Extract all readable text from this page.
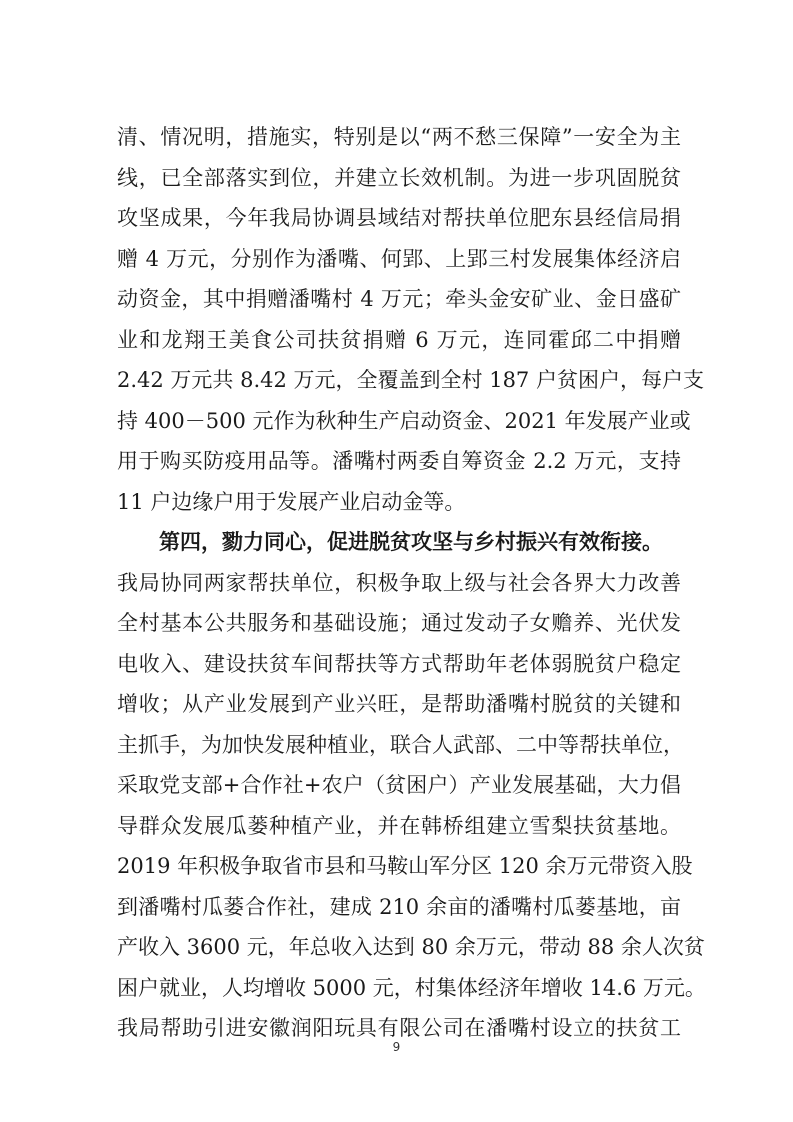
清、情况明，措施实，特别是以“两不愁三保障”一安全为主
线，已全部落实到位，并建立长效机制。为进一步巩固脱贫
攻坚成果，今年我局协调县域结对帮扶单位肥东县经信局捐
赠 4 万元，分别作为潘嘴、何郢、上郢三村发展集体经济启
动资金，其中捐赠潘嘴村 4 万元；牵头金安矿业、金日盛矿
业和龙翔王美食公司扶贫捐赠 6 万元，连同霍邱二中捐赠
2.42 万元共 8.42 万元，全覆盖到全村 187 户贫困户，每户支
持 400－500 元作为秋种生产启动资金、2021 年发展产业或
用于购买防疫用品等。潘嘴村两委自筹资金 2.2 万元，支持
11 户边缘户用于发展产业启动金等。
第四，勠力同心，促进脱贫攻坚与乡村振兴有效衔接。
我局协同两家帮扶单位，积极争取上级与社会各界大力改善
全村基本公共服务和基础设施；通过发动子女赡养、光伏发
电收入、建设扶贫车间帮扶等方式帮助年老体弱脱贫户稳定
增收；从产业发展到产业兴旺，是帮助潘嘴村脱贫的关键和
主抓手，为加快发展种植业，联合人武部、二中等帮扶单位，
采取党支部+合作社+农户（贫困户）产业发展基础，大力倡
导群众发展瓜蒌种植产业，并在韩桥组建立雪梨扶贫基地。
2019 年积极争取省市县和马鞍山军分区 120 余万元带资入股
到潘嘴村瓜蒌合作社，建成 210 余亩的潘嘴村瓜蒌基地，亩
产收入 3600 元，年总收入达到 80 余万元，带动 88 余人次贫
困户就业，人均增收 5000 元，村集体经济年增收 14.6 万元。
我局帮助引进安徽润阳玩具有限公司在潘嘴村设立的扶贫工
9
